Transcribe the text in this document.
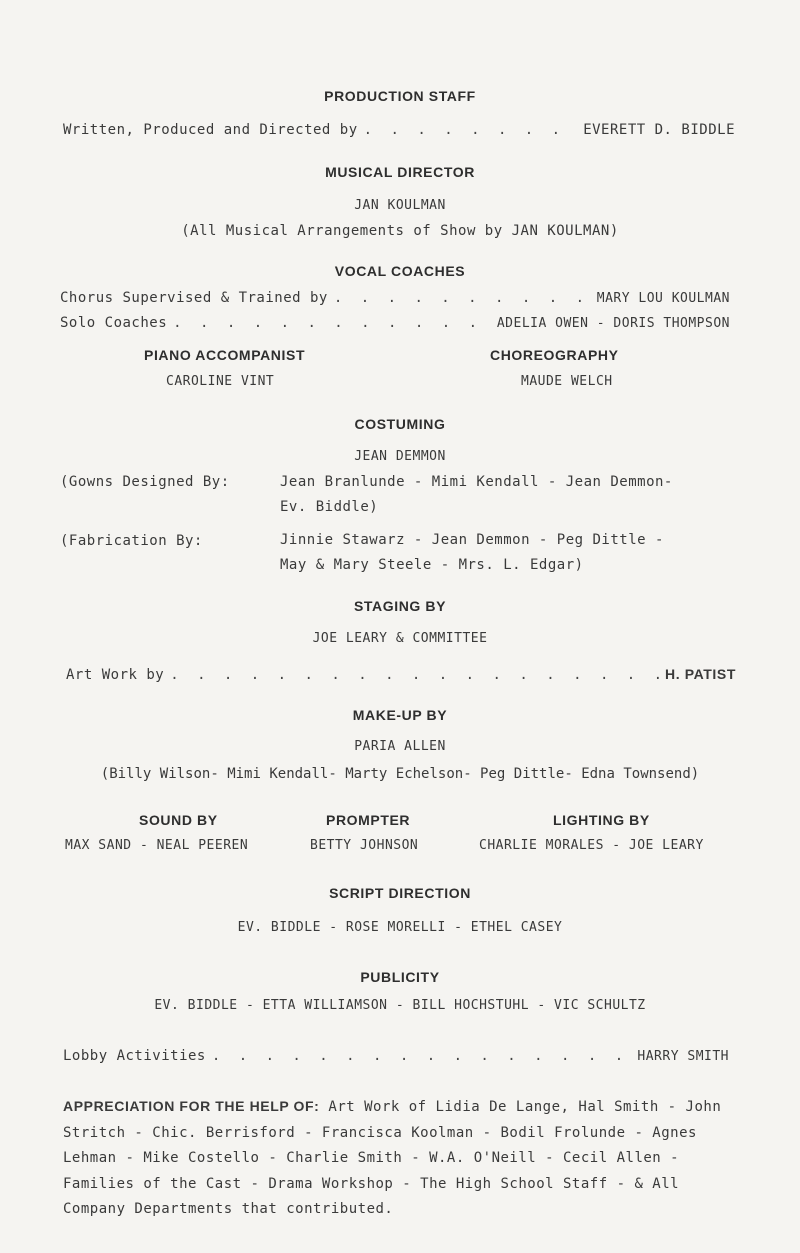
PRODUCTION STAFF
Written, Produced and Directed by . . .	EVERETT D. BIDDLE
MUSICAL DIRECTOR
JAN KOULMAN
(All Musical Arrangements of Show by JAN KOULMAN)
VOCAL COACHES
Chorus Supervised & Trained by . . .	MARY LOU KOULMAN
Solo Coaches . . .	ADELIA OWEN - DORIS THOMPSON
PIANO ACCOMPANIST
CAROLINE VINT
CHOREOGRAPHY
MAUDE WELCH
COSTUMING
JEAN DEMMON
(Gowns Designed By:	Jean Branlunde - Mimi Kendall - Jean Demmon-
Ev. Biddle)
(Fabrication By:	Jinnie Stawarz - Jean Demmon - Peg Dittle -
May & Mary Steele - Mrs. L. Edgar)
STAGING BY
JOE LEARY & COMMITTEE
Art Work by . . .	H. PATIST
MAKE-UP BY
PARIA ALLEN
(Billy Wilson- Mimi Kendall- Marty Echelson- Peg Dittle- Edna Townsend)
SOUND BY
MAX SAND - NEAL PEEREN
PROMPTER
BETTY JOHNSON
LIGHTING BY
CHARLIE MORALES - JOE LEARY
SCRIPT DIRECTION
EV. BIDDLE - ROSE MORELLI - ETHEL CASEY
PUBLICITY
EV. BIDDLE - ETTA WILLIAMSON - BILL HOCHSTUHL - VIC SCHULTZ
Lobby Activities . . .	HARRY SMITH
APPRECIATION FOR THE HELP OF: Art Work of Lidia De Lange, Hal Smith - John Stritch - Chic. Berrisford - Francisca Koolman - Bodil Frolunde - Agnes Lehman - Mike Costello - Charlie Smith - W.A. O'Neill - Cecil Allen - Families of the Cast - Drama Workshop - The High School Staff - & All Company Departments that contributed.
